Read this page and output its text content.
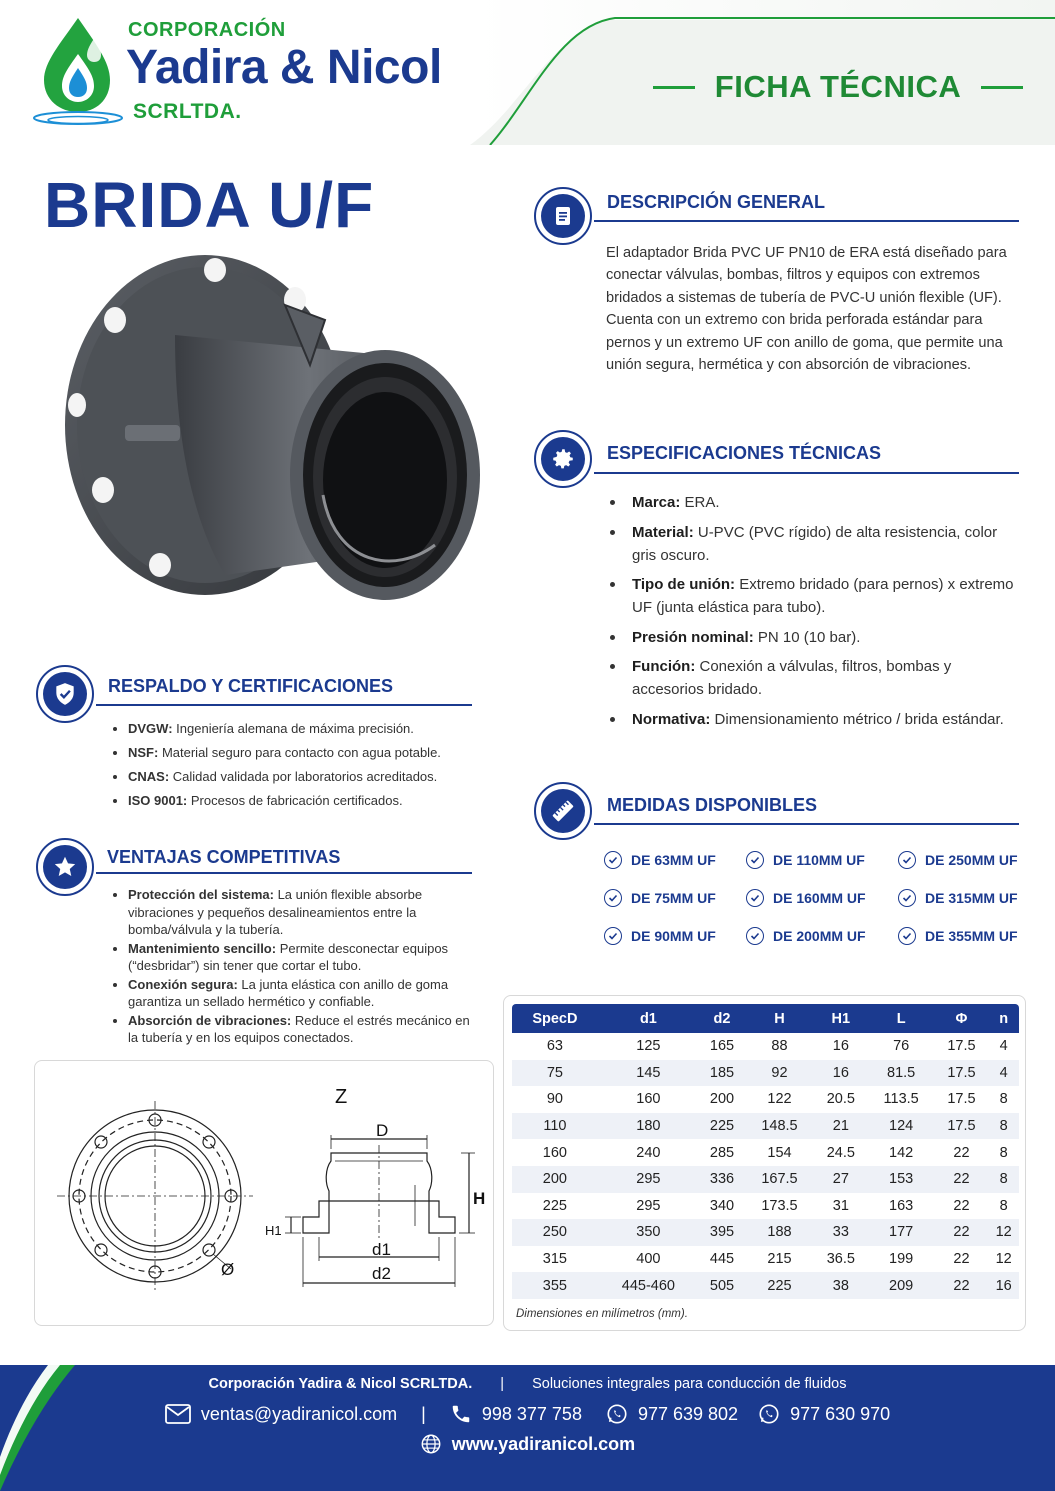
CORPORACIÓN
Yadira & Nicol
SCRLTDA.
FICHA TÉCNICA
BRIDA U/F	DESCRIPCIÓN GENERAL
El adaptador Brida PVC UF PN10 de ERA está diseñado para conectar válvulas, bombas, filtros y equipos con extremos bridados a sistemas de tubería de PVC-U unión flexible (UF). Cuenta con un extremo con brida perforada estándar para pernos y un extremo UF con anillo de goma, que permite una unión segura, hermética y con absorción de vibraciones.
ESPECIFICACIONES TÉCNICAS
Marca: ERA.
Material: U-PVC (PVC rígido) de alta resistencia, color gris oscuro.
Tipo de unión: Extremo bridado (para pernos) x extremo UF (junta elástica para tubo).
Presión nominal: PN 10 (10 bar).
Función: Conexión a válvulas, filtros, bombas y accesorios bridado.
Normativa: Dimensionamiento métrico / brida estándar.
RESPALDO Y CERTIFICACIONES
DVGW: Ingeniería alemana de máxima precisión.
NSF: Material seguro para contacto con agua potable.
CNAS: Calidad validada por laboratorios acreditados.
ISO 9001: Procesos de fabricación certificados.
VENTAJAS COMPETITIVAS
Protección del sistema: La unión flexible absorbe vibraciones y pequeños desalineamientos entre la bomba/válvula y la tubería.
Mantenimiento sencillo: Permite desconectar equipos (“desbridar”) sin tener que cortar el tubo.
Conexión segura: La junta elástica con anillo de goma garantiza un sellado hermético y confiable.
Absorción de vibraciones: Reduce el estrés mecánico en la tubería y en los equipos conectados.
MEDIDAS DISPONIBLES
DE 63MM UF	DE 110MM UF	DE 250MM UF
DE 75MM UF	DE 160MM UF	DE 315MM UF
DE 90MM UF	DE 200MM UF	DE 355MM UF
Z
D
H
H1
d1
d2
Ø
SpecD	d1	d2	H	H1	L	Φ	n
63	125	165	88	16	76	17.5	4
75	145	185	92	16	81.5	17.5	4
90	160	200	122	20.5	113.5	17.5	8
110	180	225	148.5	21	124	17.5	8
160	240	285	154	24.5	142	22	8
200	295	336	167.5	27	153	22	8
225	295	340	173.5	31	163	22	8
250	350	395	188	33	177	22	12
315	400	445	215	36.5	199	22	12
355	445-460	505	225	38	209	22	16
Dimensiones en milímetros (mm).
Corporación Yadira & Nicol SCRLTDA. | Soluciones integrales para conducción de fluidos
ventas@yadiranicol.com |	998 377 758	977 639 802	977 630 970
www.yadiranicol.com
